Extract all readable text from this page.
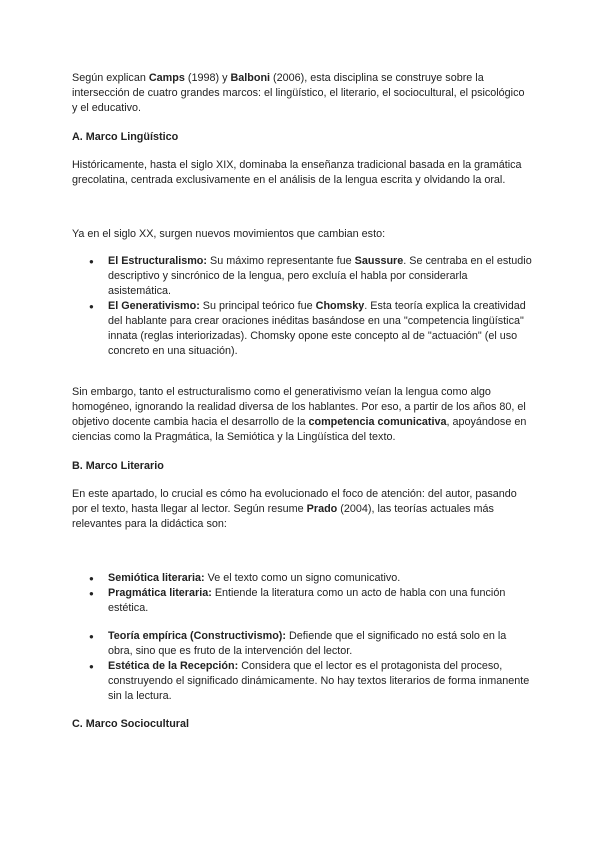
Según explican Camps (1998) y Balboni (2006), esta disciplina se construye sobre la intersección de cuatro grandes marcos: el lingüístico, el literario, el sociocultural, el psicológico y el educativo.

A. Marco Lingüístico

Históricamente, hasta el siglo XIX, dominaba la enseñanza tradicional basada en la gramática grecolatina, centrada exclusivamente en el análisis de la lengua escrita y olvidando la oral.

Ya en el siglo XX, surgen nuevos movimientos que cambian esto:

● El Estructuralismo: Su máximo representante fue Saussure. Se centraba en el estudio descriptivo y sincrónico de la lengua, pero excluía el habla por considerarla asistemática.
● El Generativismo: Su principal teórico fue Chomsky. Esta teoría explica la creatividad del hablante para crear oraciones inéditas basándose en una "competencia lingüística" innata (reglas interiorizadas). Chomsky opone este concepto al de "actuación" (el uso concreto en una situación).

Sin embargo, tanto el estructuralismo como el generativismo veían la lengua como algo homogéneo, ignorando la realidad diversa de los hablantes. Por eso, a partir de los años 80, el objetivo docente cambia hacia el desarrollo de la competencia comunicativa, apoyándose en ciencias como la Pragmática, la Semiótica y la Lingüística del texto.

B. Marco Literario

En este apartado, lo crucial es cómo ha evolucionado el foco de atención: del autor, pasando por el texto, hasta llegar al lector. Según resume Prado (2004), las teorías actuales más relevantes para la didáctica son:

● Semiótica literaria: Ve el texto como un signo comunicativo.
● Pragmática literaria: Entiende la literatura como un acto de habla con una función estética.
● Teoría empírica (Constructivismo): Defiende que el significado no está solo en la obra, sino que es fruto de la intervención del lector.
● Estética de la Recepción: Considera que el lector es el protagonista del proceso, construyendo el significado dinámicamente. No hay textos literarios de forma inmanente sin la lectura.

C. Marco Sociocultural
